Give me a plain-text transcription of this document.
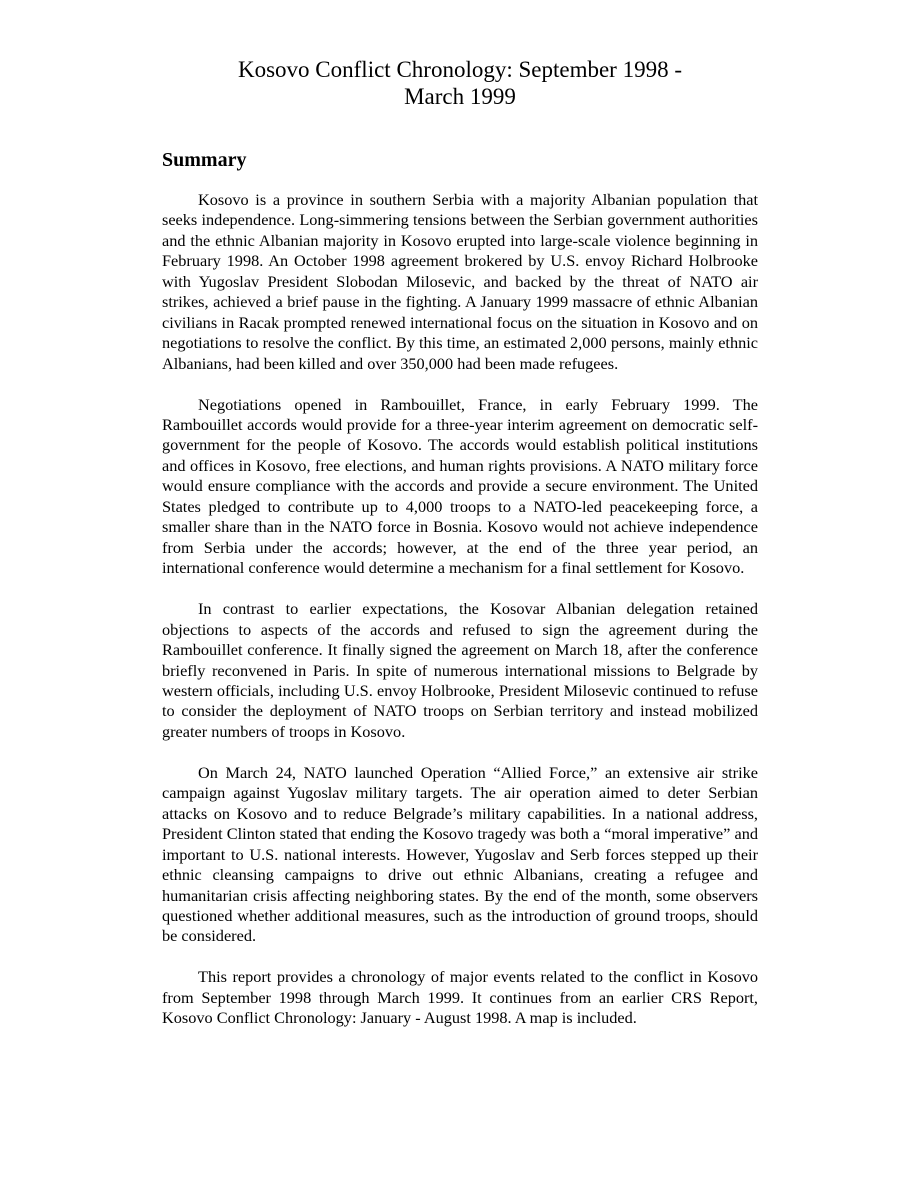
Kosovo Conflict Chronology: September 1998 -
March 1999
Summary

Kosovo is a province in southern Serbia with a majority Albanian population that seeks independence. Long-simmering tensions between the Serbian government authorities and the ethnic Albanian majority in Kosovo erupted into large-scale violence beginning in February 1998. An October 1998 agreement brokered by U.S. envoy Richard Holbrooke with Yugoslav President Slobodan Milosevic, and backed by the threat of NATO air strikes, achieved a brief pause in the fighting. A January 1999 massacre of ethnic Albanian civilians in Racak prompted renewed international focus on the situation in Kosovo and on negotiations to resolve the conflict. By this time, an estimated 2,000 persons, mainly ethnic Albanians, had been killed and over 350,000 had been made refugees.

Negotiations opened in Rambouillet, France, in early February 1999. The Rambouillet accords would provide for a three-year interim agreement on democratic self-government for the people of Kosovo. The accords would establish political institutions and offices in Kosovo, free elections, and human rights provisions. A NATO military force would ensure compliance with the accords and provide a secure environment. The United States pledged to contribute up to 4,000 troops to a NATO-led peacekeeping force, a smaller share than in the NATO force in Bosnia. Kosovo would not achieve independence from Serbia under the accords; however, at the end of the three year period, an international conference would determine a mechanism for a final settlement for Kosovo.

In contrast to earlier expectations, the Kosovar Albanian delegation retained objections to aspects of the accords and refused to sign the agreement during the Rambouillet conference. It finally signed the agreement on March 18, after the conference briefly reconvened in Paris. In spite of numerous international missions to Belgrade by western officials, including U.S. envoy Holbrooke, President Milosevic continued to refuse to consider the deployment of NATO troops on Serbian territory and instead mobilized greater numbers of troops in Kosovo.

On March 24, NATO launched Operation “Allied Force,” an extensive air strike campaign against Yugoslav military targets. The air operation aimed to deter Serbian attacks on Kosovo and to reduce Belgrade’s military capabilities. In a national address, President Clinton stated that ending the Kosovo tragedy was both a “moral imperative” and important to U.S. national interests. However, Yugoslav and Serb forces stepped up their ethnic cleansing campaigns to drive out ethnic Albanians, creating a refugee and humanitarian crisis affecting neighboring states. By the end of the month, some observers questioned whether additional measures, such as the introduction of ground troops, should be considered.

This report provides a chronology of major events related to the conflict in Kosovo from September 1998 through March 1999. It continues from an earlier CRS Report, Kosovo Conflict Chronology: January - August 1998. A map is included.
